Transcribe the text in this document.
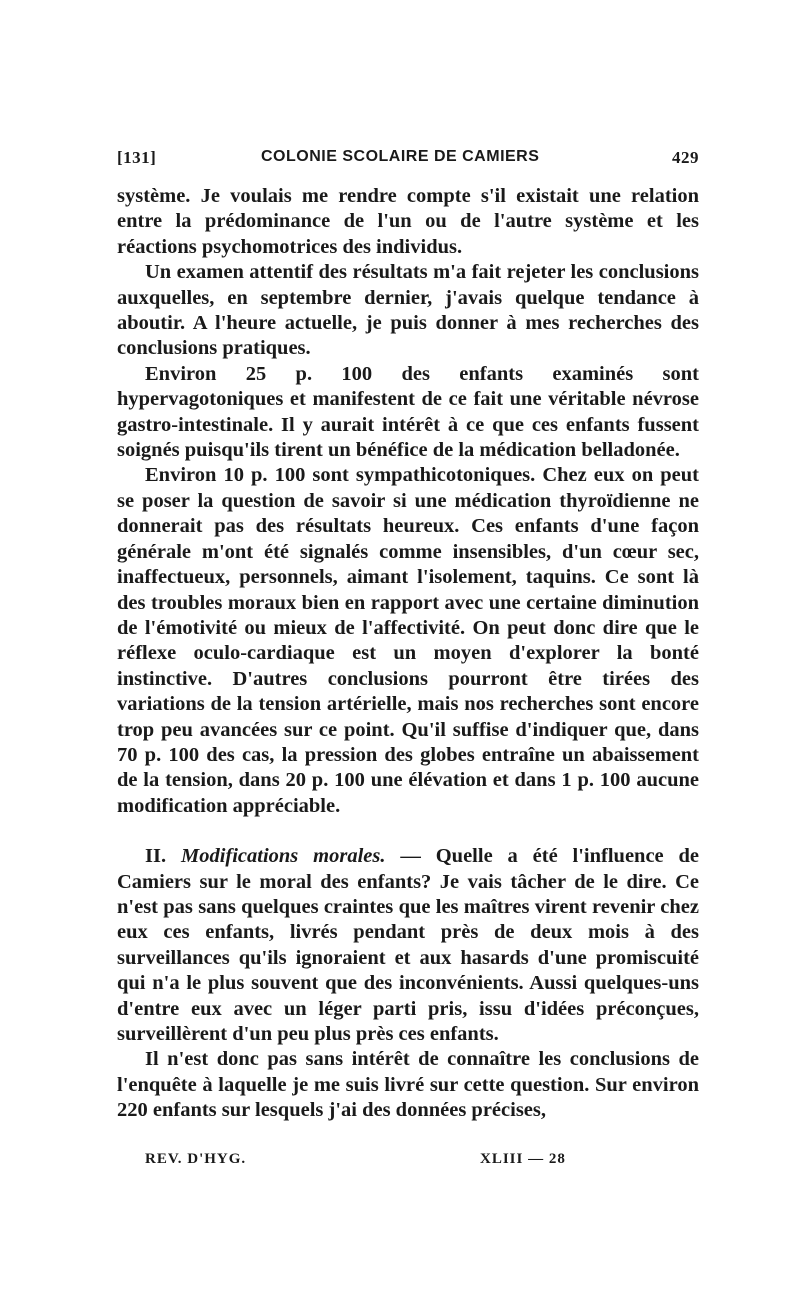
[131]	COLONIE SCOLAIRE DE CAMIERS	429

système. Je voulais me rendre compte s'il existait une relation entre la prédominance de l'un ou de l'autre système et les réactions psychomotrices des individus.

Un examen attentif des résultats m'a fait rejeter les conclusions auxquelles, en septembre dernier, j'avais quelque tendance à aboutir. A l'heure actuelle, je puis donner à mes recherches des conclusions pratiques.

Environ 25 p. 100 des enfants examinés sont hypervagotoniques et manifestent de ce fait une véritable névrose gastro-intestinale. Il y aurait intérêt à ce que ces enfants fussent soignés puisqu'ils tirent un bénéfice de la médication belladonée.

Environ 10 p. 100 sont sympathicotoniques. Chez eux on peut se poser la question de savoir si une médication thyroïdienne ne donnerait pas des résultats heureux. Ces enfants d'une façon générale m'ont été signalés comme insensibles, d'un cœur sec, inaffectueux, personnels, aimant l'isolement, taquins. Ce sont là des troubles moraux bien en rapport avec une certaine diminution de l'émotivité ou mieux de l'affectivité. On peut donc dire que le réflexe oculo-cardiaque est un moyen d'explorer la bonté instinctive. D'autres conclusions pourront être tirées des variations de la tension artérielle, mais nos recherches sont encore trop peu avancées sur ce point. Qu'il suffise d'indiquer que, dans 70 p. 100 des cas, la pression des globes entraîne un abaissement de la tension, dans 20 p. 100 une élévation et dans 1 p. 100 aucune modification appréciable.

II. Modifications morales. — Quelle a été l'influence de Camiers sur le moral des enfants? Je vais tâcher de le dire. Ce n'est pas sans quelques craintes que les maîtres virent revenir chez eux ces enfants, livrés pendant près de deux mois à des surveillances qu'ils ignoraient et aux hasards d'une promiscuité qui n'a le plus souvent que des inconvénients. Aussi quelques-uns d'entre eux avec un léger parti pris, issu d'idées préconçues, surveillèrent d'un peu plus près ces enfants.

Il n'est donc pas sans intérêt de connaître les conclusions de l'enquête à laquelle je me suis livré sur cette question. Sur environ 220 enfants sur lesquels j'ai des données précises,

REV. D'HYG.	XLIII — 28
